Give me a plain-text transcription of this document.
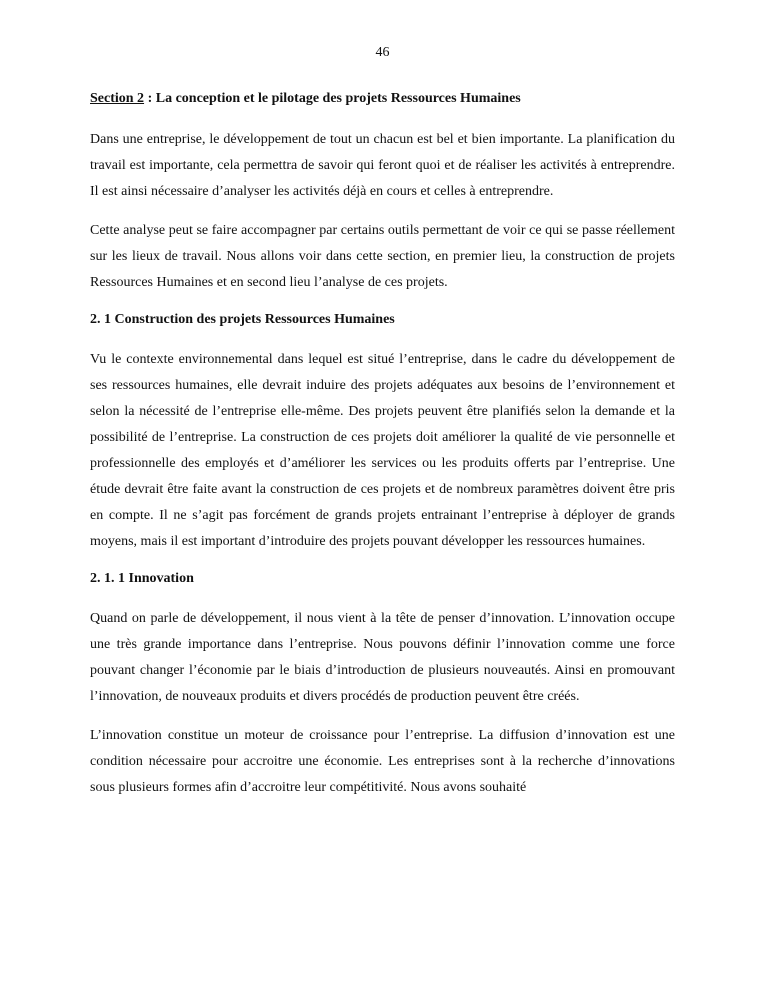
46
Section 2 : La conception et le pilotage des projets Ressources Humaines

Dans une entreprise, le développement de tout un chacun est bel et bien importante. La planification du travail est importante, cela permettra de savoir qui feront quoi et de réaliser les activités à entreprendre. Il est ainsi nécessaire d’analyser les activités déjà en cours et celles à entreprendre.

Cette analyse peut se faire accompagner par certains outils permettant de voir ce qui se passe réellement sur les lieux de travail. Nous allons voir dans cette section, en premier lieu, la construction de projets Ressources Humaines et en second lieu l’analyse de ces projets.

2. 1 Construction des projets Ressources Humaines

Vu le contexte environnemental dans lequel est situé l’entreprise, dans le cadre du développement de ses ressources humaines, elle devrait induire des projets adéquates aux besoins de l’environnement et selon la nécessité de l’entreprise elle-même. Des projets peuvent être planifiés selon la demande et la possibilité de l’entreprise. La construction de ces projets doit améliorer la qualité de vie personnelle et professionnelle des employés et d’améliorer les services ou les produits offerts par l’entreprise. Une étude devrait être faite avant la construction de ces projets et de nombreux paramètres doivent être pris en compte. Il ne s’agit pas forcément de grands projets entrainant l’entreprise à déployer de grands moyens, mais il est important d’introduire des projets pouvant développer les ressources humaines.

2. 1. 1 Innovation

Quand on parle de développement, il nous vient à la tête de penser d’innovation. L’innovation occupe une très grande importance dans l’entreprise. Nous pouvons définir l’innovation comme une force pouvant changer l’économie par le biais d’introduction de plusieurs nouveautés. Ainsi en promouvant l’innovation, de nouveaux produits et divers procédés de production peuvent être créés.

L’innovation constitue un moteur de croissance pour l’entreprise. La diffusion d’innovation est une condition nécessaire pour accroitre une économie. Les entreprises sont à la recherche d’innovations sous plusieurs formes afin d’accroitre leur compétitivité. Nous avons souhaité
